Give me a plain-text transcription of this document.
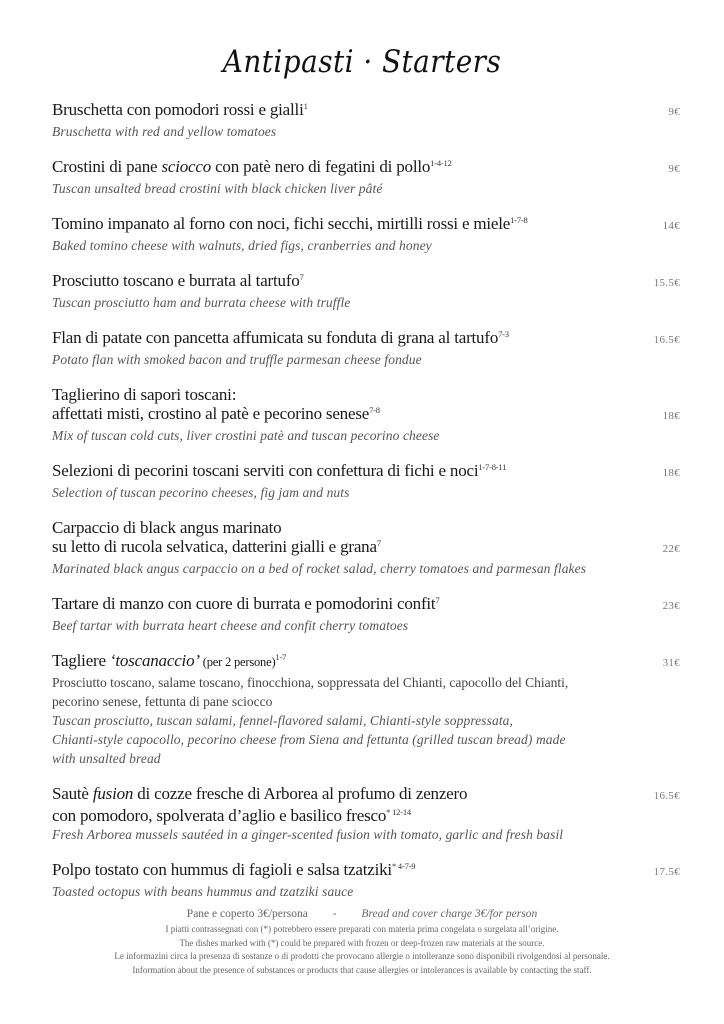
⚜
Antipasti · Starters
Bruschetta con pomodori rossi e gialli$^1$	9€
Bruschetta with red and yellow tomatoes
Crostini di pane sciocco con patè nero di fegatini di pollo$^{1-4-12}$	9€
Tuscan unsalted bread crostini with black chicken liver pâté
Tomino impanato al forno con noci, fichi secchi, mirtilli rossi e miele$^{1-7-8}$	14€
Baked tomino cheese with walnuts, dried figs, cranberries and honey
Prosciutto toscano e burrata al tartufo$^7$	15.5€
Tuscan prosciutto ham and burrata cheese with truffle
Flan di patate con pancetta affumicata su fonduta di grana al tartufo$^{7-3}$	16.5€
Potato flan with smoked bacon and truffle parmesan cheese fondue
Taglierino di sapori toscani:
affettati misti, crostino al patè e pecorino senese$^{7-8}$	18€
Mix of tuscan cold cuts, liver crostini patè and tuscan pecorino cheese
Selezioni di pecorini toscani serviti con confettura di fichi e noci$^{1-7-8-11}$	18€
Selection of tuscan pecorino cheeses, fig jam and nuts
Carpaccio di black angus marinato
su letto di rucola selvatica, datterini gialli e grana$^7$	22€
Marinated black angus carpaccio on a bed of rocket salad, cherry tomatoes and parmesan flakes
Tartare di manzo con cuore di burrata e pomodorini confit$^7$	23€
Beef tartar with burrata heart cheese and confit cherry tomatoes
Tagliere ‘toscanaccio’ (per 2 persone)$^{1-7}$	31€
Prosciutto toscano, salame toscano, finocchiona, soppressata del Chianti, capocollo del Chianti,
pecorino senese, fettunta di pane sciocco
Tuscan prosciutto, tuscan salami, fennel-flavored salami, Chianti-style soppressata,
Chianti-style capocollo, pecorino cheese from Siena and fettunta (grilled tuscan bread) made
with unsalted bread
Sautè fusion di cozze fresche di Arborea al profumo di zenzero	16.5€
con pomodoro, spolverata d’aglio e basilico fresco$^{* 12-14}$
Fresh Arborea mussels sautéed in a ginger-scented fusion with tomato, garlic and fresh basil
Polpo tostato con hummus di fagioli e salsa tzatziki$^{* 4-7-9}$	17.5€
Toasted octopus with beans hummus and tzatziki sauce
Pane e coperto 3€/persona - Bread and cover charge 3€/for person
I piatti contrassegnati con (*) potrebbero essere preparati con materia prima congelata o surgelata all’origine.
The dishes marked with (*) could be prepared with frozen or deep-frozen raw materials at the source.
Le informazini circa la presenza di sostanze o di prodotti che provocano allergie o intolleranze sono disponibili rivolgendosi al personale.
Information about the presence of substances or products that cause allergies or intolerances is available by contacting the staff.
